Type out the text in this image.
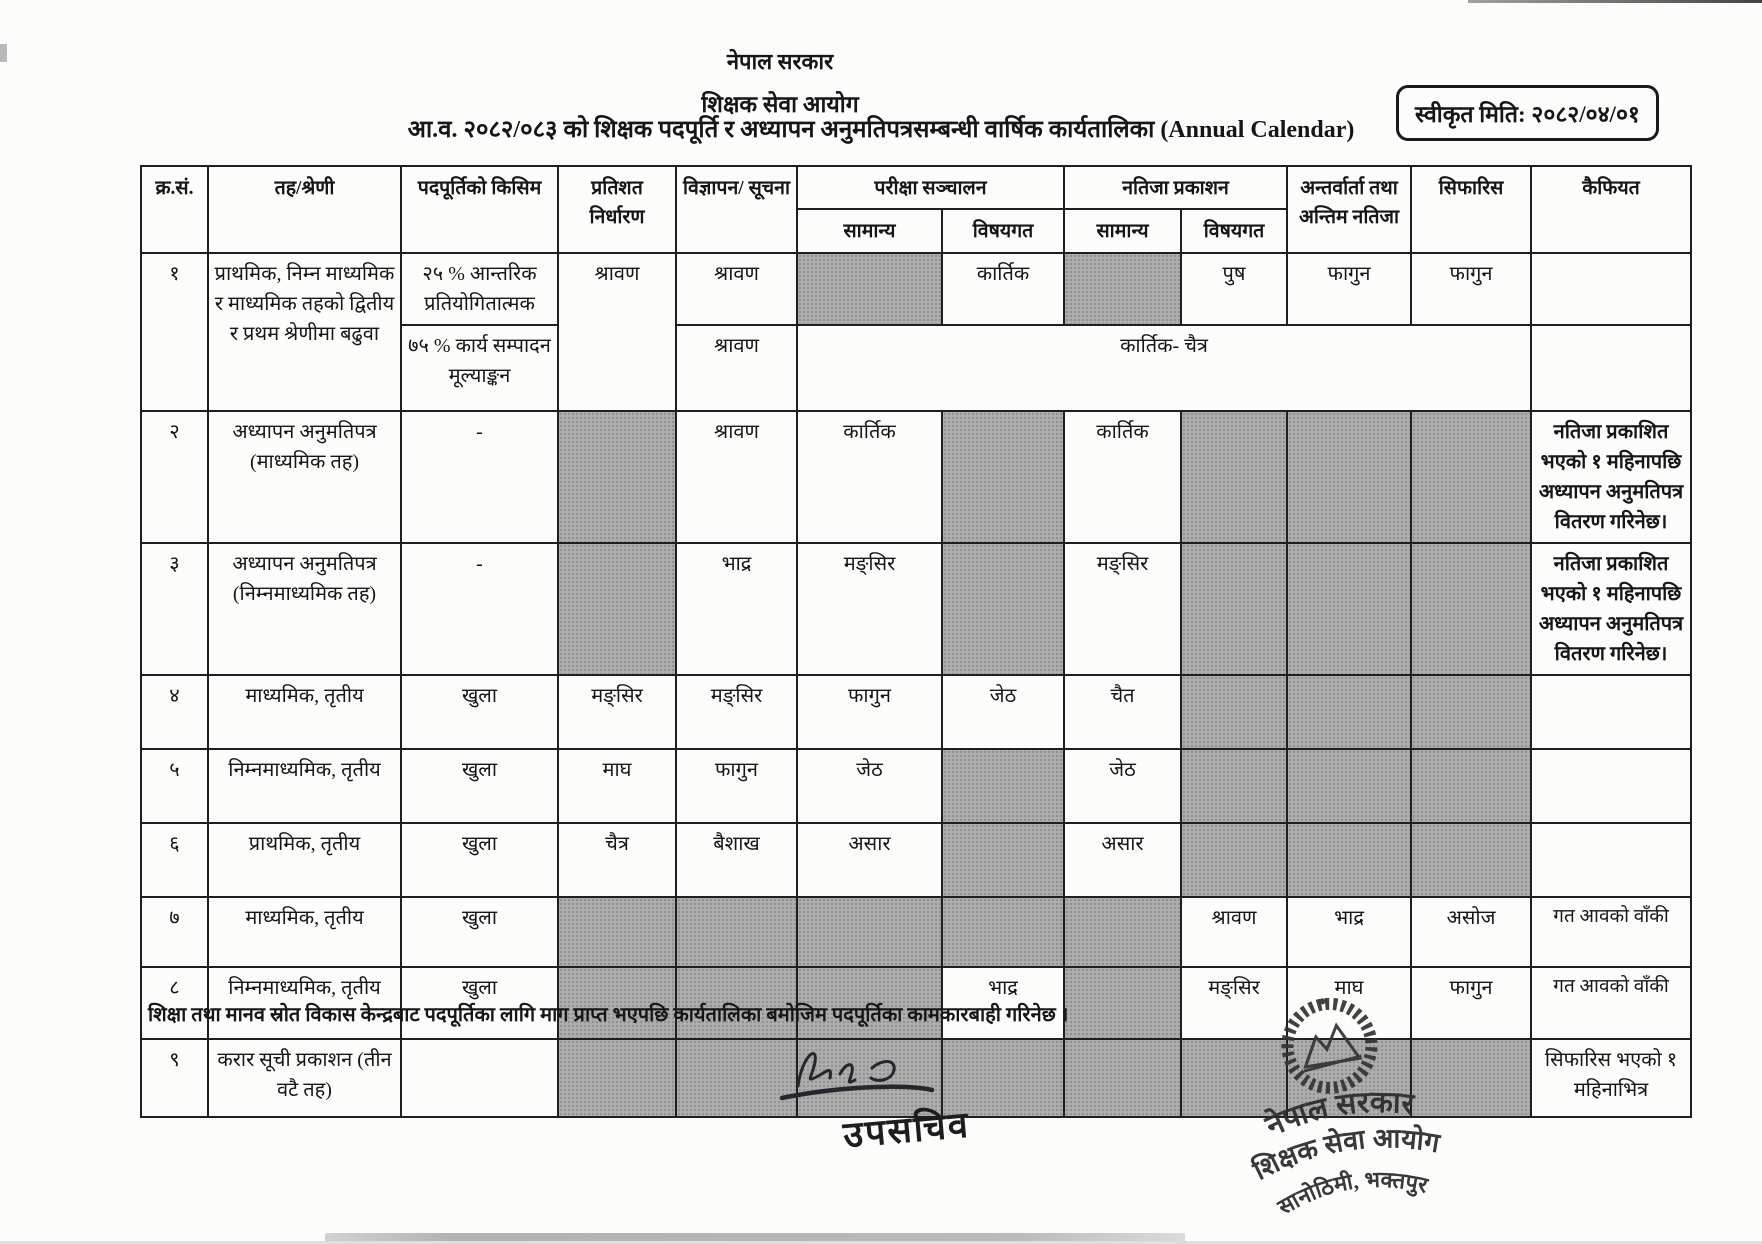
नेपाल सरकार
शिक्षक सेवा आयोग
आ.व. २०८२/०८३ को शिक्षक पदपूर्ति र अध्यापन अनुमतिपत्रसम्बन्धी वार्षिक कार्यतालिका (Annual Calendar)
स्वीकृत मिति: २०८२/०४/०१
क्र.सं.	तह/श्रेणी	पदपूर्तिको किसिम	प्रतिशत निर्धारण	विज्ञापन/ सूचना	परीक्षा सञ्चालन		नतिजा प्रकाशन		अन्तर्वार्ता तथा अन्तिम नतिजा	सिफारिस	कैफियत
					सामान्य	विषयगत	सामान्य	विषयगत			
१	प्राथमिक, निम्न माध्यमिक र माध्यमिक तहको द्वितीय र प्रथम श्रेणीमा बढुवा	२५ % आन्तरिक प्रतियोगितात्मक	श्रावण	श्रावण		कार्तिक		पुष	फागुन	फागुन	
		७५ % कार्य सम्पादन मूल्याङ्कन		श्रावण	कार्तिक- चैत्र						
२	अध्यापन अनुमतिपत्र (माध्यमिक तह)	-		श्रावण	कार्तिक		कार्तिक				नतिजा प्रकाशित भएको १ महिनापछि अध्यापन अनुमतिपत्र वितरण गरिनेछ।
३	अध्यापन अनुमतिपत्र (निम्नमाध्यमिक तह)	-		भाद्र	मङ्सिर		मङ्सिर				नतिजा प्रकाशित भएको १ महिनापछि अध्यापन अनुमतिपत्र वितरण गरिनेछ।
४	माध्यमिक, तृतीय	खुला	मङ्सिर	मङ्सिर	फागुन	जेठ	चैत				
५	निम्नमाध्यमिक, तृतीय	खुला	माघ	फागुन	जेठ		जेठ				
६	प्राथमिक, तृतीय	खुला	चैत्र	बैशाख	असार		असार				
७	माध्यमिक, तृतीय	खुला						श्रावण	भाद्र	असोज	गत आवको वाँकी
८	निम्नमाध्यमिक, तृतीय	खुला				भाद्र		मङ्सिर	माघ	फागुन	गत आवको वाँकी
९	करार सूची प्रकाशन (तीन वटै तह)										सिफारिस भएको १ महिनाभित्र
शिक्षा तथा मानव स्रोत विकास केन्द्रबाट पदपूर्तिका लागि माग प्राप्त भएपछि कार्यतालिका बमोजिम पदपूर्तिका कामकारबाही गरिनेछ ।
उपसचिव	नेपाल सरकार
शिक्षक सेवा आयोग
सानोठिमी, भक्तपुर
